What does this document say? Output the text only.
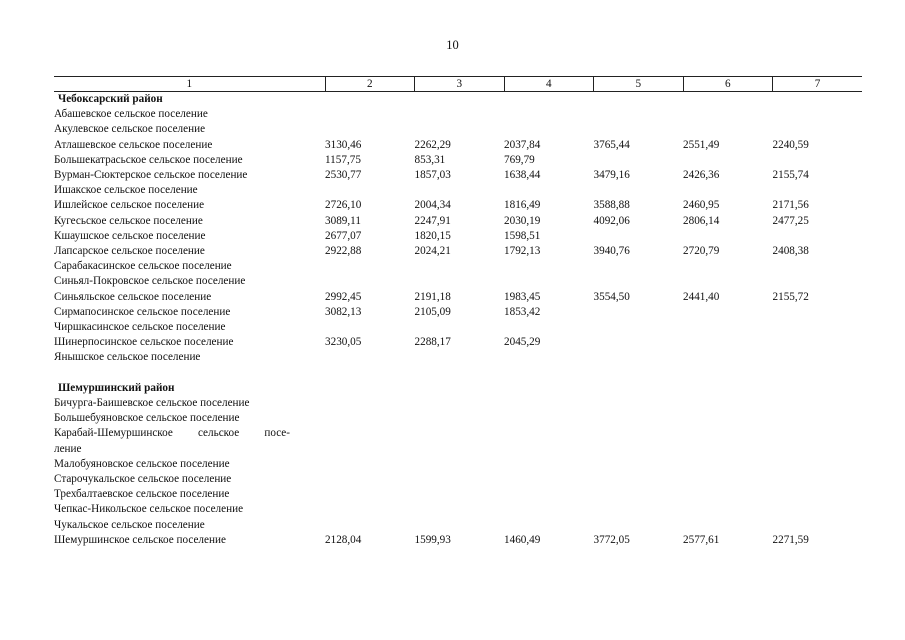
10
1	2	3	4	5	6	7
Чебоксарский район						
Абашевское сельское поселение						
Акулевское сельское поселение						
Атлашевское сельское поселение	3130,46	2262,29	2037,84	3765,44	2551,49	2240,59
Большекатрасьское сельское поселение	1157,75	853,31	769,79			
Вурман-Сюктерское сельское поселение	2530,77	1857,03	1638,44	3479,16	2426,36	2155,74
Ишакское сельское поселение						
Ишлейское сельское поселение	2726,10	2004,34	1816,49	3588,88	2460,95	2171,56
Кугесьское сельское поселение	3089,11	2247,91	2030,19	4092,06	2806,14	2477,25
Кшаушское сельское поселение	2677,07	1820,15	1598,51			
Лапсарское сельское поселение	2922,88	2024,21	1792,13	3940,76	2720,79	2408,38
Сарабакасинское сельское поселение						
Синьял-Покровское сельское поселение						
Синьяльское сельское поселение	2992,45	2191,18	1983,45	3554,50	2441,40	2155,72
Сирмапосинское сельское поселение	3082,13	2105,09	1853,42			
Чиршкасинское сельское поселение						
Шинерпосинское сельское поселение	3230,05	2288,17	2045,29			
Янышское сельское поселение						

Шемуршинский район						
Бичурга-Баишевское сельское поселение						
Большебуяновское сельское поселение						

Карабай-Шемуршинское сельское посе-
ление						

Малобуяновское сельское поселение						
Старочукальское сельское поселение						
Трехбалтаевское сельское поселение						
Чепкас-Никольское сельское поселение						
Чукальское сельское поселение						
Шемуршинское сельское поселение	2128,04	1599,93	1460,49	3772,05	2577,61	2271,59
